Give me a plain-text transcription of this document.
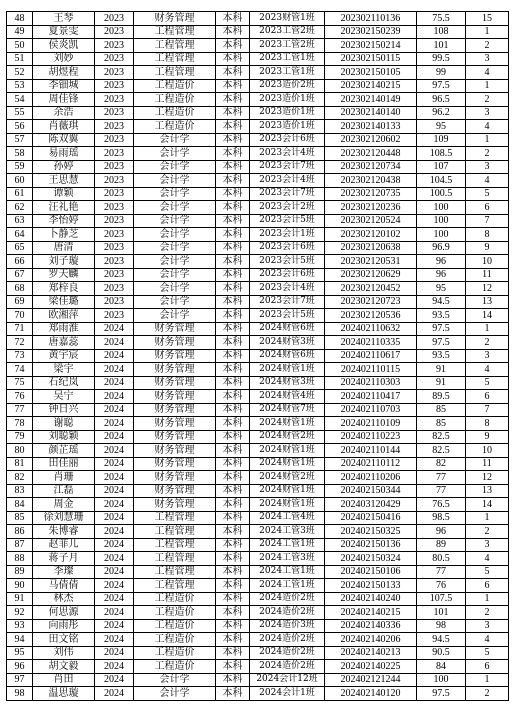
48	王琴	2023	财务管理	本科	2023财管1班	202302110136	75.5	15
49	夏景雯	2023	工程管理	本科	2023工管2班	202302150239	108	1
50	侯炎凯	2023	工程管理	本科	2023工管2班	202302150214	101	2
51	刘妙	2023	工程管理	本科	2023工管1班	202302150115	99.5	3
52	胡煜程	2023	工程管理	本科	2023工管1班	202302150105	99	4
53	李钿城	2023	工程造价	本科	2023造价2班	202302140215	97.5	1
54	周佳锋	2023	工程造价	本科	2023造价1班	202302140149	96.5	2
55	余浩	2023	工程造价	本科	2023造价1班	202302140140	96.2	3
56	肖薇琪	2023	工程造价	本科	2023造价1班	202302140133	95	4
57	陈双翼	2023	会计学	本科	2023会计6班	202302120602	109	1
58	易雨瑶	2023	会计学	本科	2023会计4班	202302120448	108.5	2
59	孙婷	2023	会计学	本科	2023会计7班	202302120734	107	3
60	王思慧	2023	会计学	本科	2023会计4班	202302120438	104.5	4
61	谭颖	2023	会计学	本科	2023会计7班	202302120735	100.5	5
62	汪礼艳	2023	会计学	本科	2023会计2班	202302120236	100	6
63	李怡婷	2023	会计学	本科	2023会计5班	202302120524	100	7
64	卜静芝	2023	会计学	本科	2023会计1班	202302120102	100	8
65	唐清	2023	会计学	本科	2023会计6班	202302120638	96.9	9
66	刘子璇	2023	会计学	本科	2023会计5班	202302120531	96	10
67	罗天麟	2023	会计学	本科	2023会计6班	202302120629	96	11
68	郑梓良	2023	会计学	本科	2023会计4班	202302120452	95	12
69	梁佳璐	2023	会计学	本科	2023会计7班	202302120723	94.5	13
70	欧湘萍	2023	会计学	本科	2023会计5班	202302120536	93.5	14
71	郑雨淮	2024	财务管理	本科	2024财管6班	202402110632	97.5	1
72	唐嘉蕊	2024	财务管理	本科	2024财管3班	202402110335	97.5	2
73	黄宇宸	2024	财务管理	本科	2024财管6班	202402110617	93.5	3
74	梁宇	2024	财务管理	本科	2024财管1班	202402110115	91	4
75	石纪岚	2024	财务管理	本科	2024财管3班	202402110303	91	5
76	吴宁	2024	财务管理	本科	2024财管4班	202402110417	89.5	6
77	钟日兴	2024	财务管理	本科	2024财管7班	202402110703	85	7
78	谢聪	2024	财务管理	本科	2024财管1班	202402110109	85	8
79	刘聪颖	2024	财务管理	本科	2024财管2班	202402110223	82.5	9
80	颜芷瑶	2024	财务管理	本科	2024财管1班	202402110144	82.5	10
81	田佳丽	2024	财务管理	本科	2024财管1班	202402110112	82	11
82	肖珊	2024	财务管理	本科	2024财管2班	202402110206	77	12
83	江磊	2024	财务管理	本科	2024财管1班	202402150344	77	13
84	周金	2024	财务管理	本科	2024财管1班	202403120429	76.5	14
85	徐刘慧珊	2024	工程管理	本科	2024工管4班	202402150416	98.5	1
86	朱博睿	2024	工程管理	本科	2024工管3班	202402150325	96	2
87	赵菲儿	2024	工程管理	本科	2024工管1班	202402150136	89	3
88	蒋子月	2024	工程管理	本科	2024工管3班	202402150324	80.5	4
89	李璨	2024	工程管理	本科	2024工管1班	202402150106	77	5
90	马倩倩	2024	工程管理	本科	2024工管1班	202402150133	76	6
91	林杰	2024	工程造价	本科	2024造价2班	202402140240	107.5	1
92	何思源	2024	工程造价	本科	2024造价2班	202402140215	101	2
93	向雨彤	2024	工程造价	本科	2024造价3班	202402140336	98	3
94	田文铭	2024	工程造价	本科	2024造价2班	202402140206	94.5	4
95	刘伟	2024	工程造价	本科	2024造价2班	202402140213	90.5	5
96	胡文毅	2024	工程造价	本科	2024造价2班	202402140225	84	6
97	肖田	2024	会计学	本科	2024会计12班	202402121244	100	1
98	温思璇	2024	会计学	本科	2024会计1班	202402140120	97.5	2
